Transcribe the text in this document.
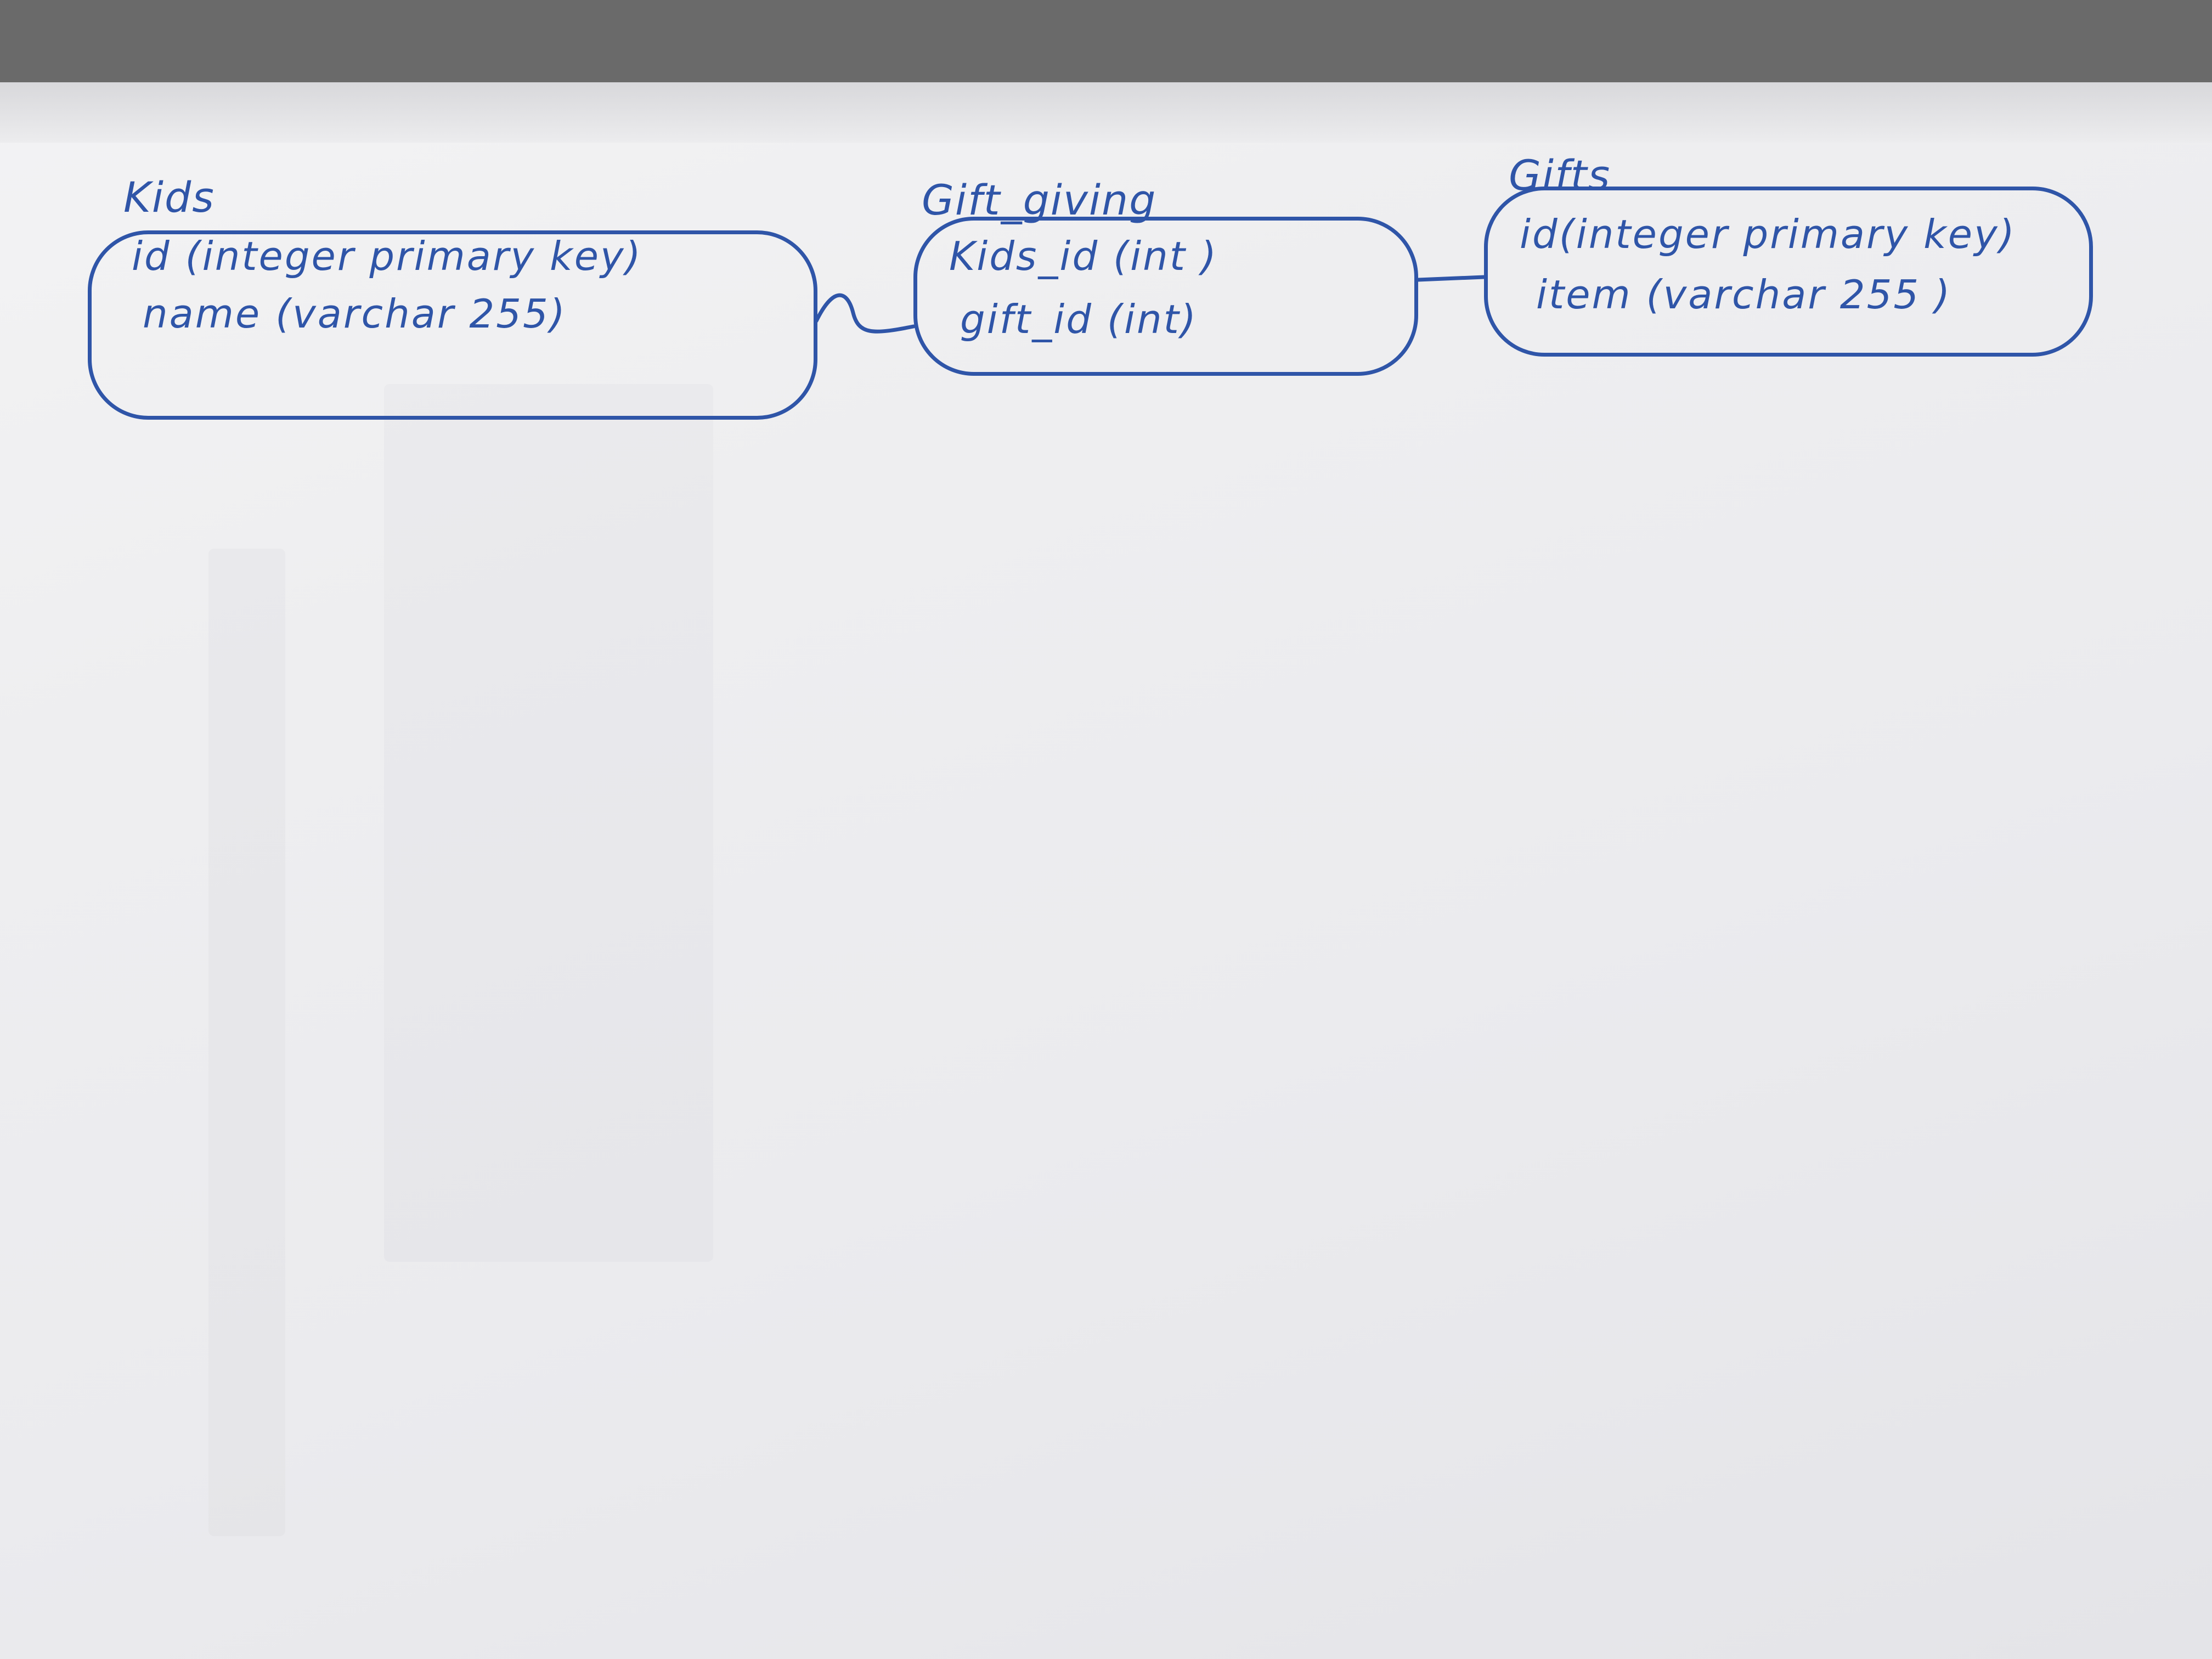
Kids
id (integer primary key)
name (varchar 255)
Gift_giving
Kids_id (int )
gift_id (int)
Gifts
id(integer primary key)
item (varchar 255 )
